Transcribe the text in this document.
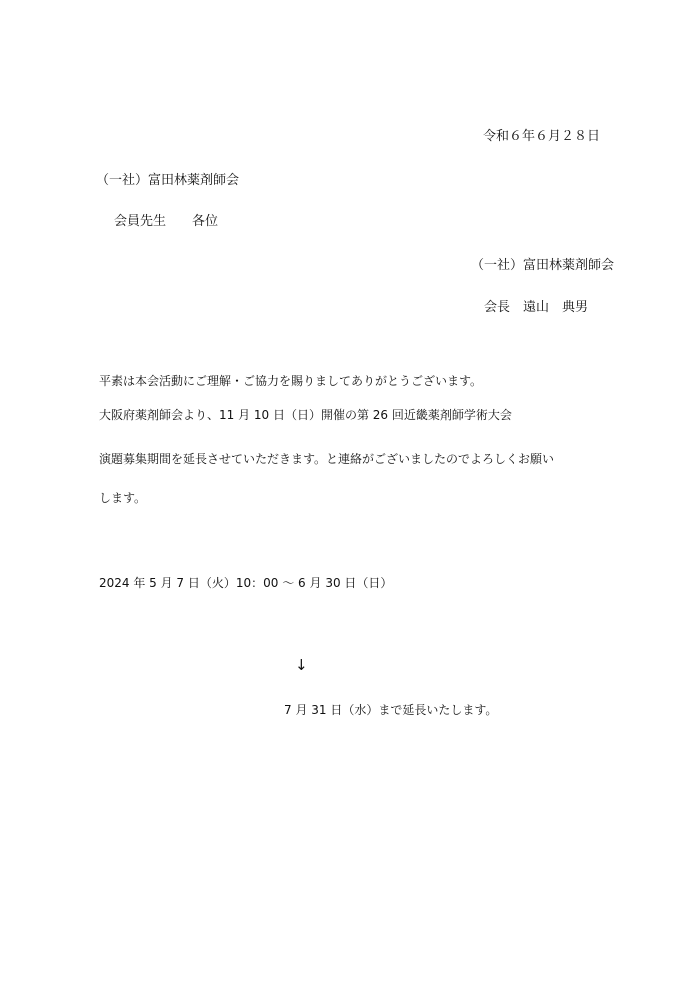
令和６年６月２８日
（一社）富田林薬剤師会
会員先生　　各位
（一社）富田林薬剤師会
会長　遠山　典男
平素は本会活動にご理解・ご協力を賜りましてありがとうございます。
大阪府薬剤師会より、11 月 10 日（日）開催の第 26 回近畿薬剤師学術大会
演題募集期間を延長させていただきます。と連絡がございましたのでよろしくお願い
します。
2024 年 5 月 7 日（火）10：00 ～ 6 月 30 日（日）
↓
7 月 31 日（水）まで延長いたします。
